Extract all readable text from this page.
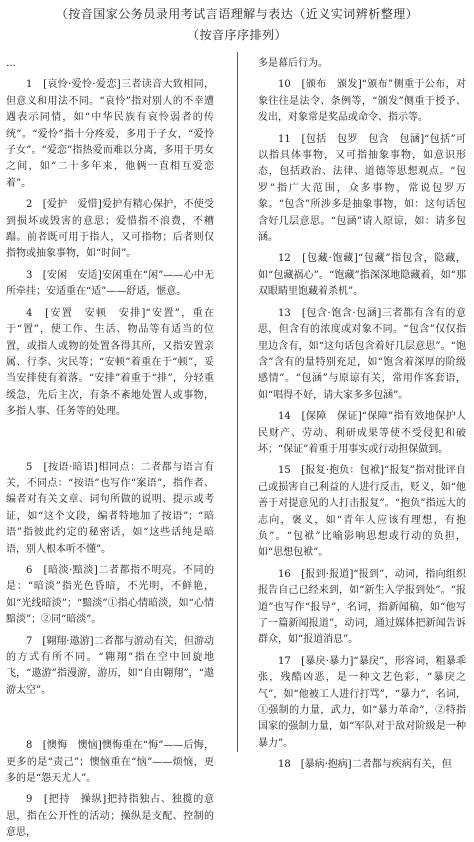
（按音国家公务员录用考试言语理解与表达（近义实词辨析整理）
（按音序序排列）

…

1　[哀怜·爱怜·爱恋]三者读音大致相同，但意义和用法不同。“哀怜”指对别人的不幸遭遇表示同情，如“中华民族有哀怜弱者的传统”。“爱怜”指十分疼爱，多用于子女，“爱怜子女”。“爱恋”指热爱而难以分离，多用于男女之间，如“二十多年来，他俩一直相互爱恋着”。

2　[爱护　爱惜]爱护有精心保护，不使受到损坏或毁害的意思；爱惜指不浪费，不糟蹋。前者既可用于指人，又可指物；后者则仅指物或抽象事物，如“时间”。

3　[安闲　安适]安闲重在“闲”——心中无所牵挂；安适重在“适”——舒适，惬意。

4　[安置　安顿　安排]“安置”，重在于“置”，使工作、生活、物品等有适当的位置，或指人或物的处置各得其所，又指安置亲属、行李、灾民等；“安顿”着重在于“顿”，妥当安排使有着落。“安排”着重于“排”，分轻重缓急，先后主次，有条不紊地处置人或事物，多指人事、任务等的处理。

5　[按语·暗语]相同点：二者都与语言有关，不同点：“按语”也写作“案语”，指作者、编者对有关文章、词句所做的说明、提示或考证，如“这个文段，编者特地加了按语”；“暗语”指彼此约定的秘密话，如“这些话纯是暗语，别人根本听不懂”。

6　[暗淡·黯淡]二者都指不明亮。不同的是：“暗淡”指光色昏暗，不光明，不鲜艳，如“光线暗淡”；“黯淡”①指心情暗淡，如“心情黯淡”；②同“暗淡”。

7　[翱翔·遨游]二者都与游动有关，但游动的方式有所不同。“翱翔”指在空中回旋地飞，“遨游”指漫游，游历，如“自由翱翔”，“遨游太空”。

8　[懊悔　懊恼]懊悔重在“悔”——后悔，更多的是“责己”；懊恼重在“恼”——烦恼，更多的是“怨天尤人”。

9　[把持　操纵]把持指独占、独揽的意思，指在公开性的活动；操纵是支配、控制的意思，

多是幕后行为。

10　[颁布　颁发]“颁布”侧重于公布，对象往往是法令、条例等，“颁发”侧重于授予、发出，对象常是奖品或命令、指示等。

11　[包括　包罗　包含　包涵]“包括”可以指具体事物，又可指抽象事物，如意识形态，包括政治、法律、道德等思想观点。“包罗”指广大范围，众多事物，常说包罗万象。“包含”所涉多是抽象事物，如：这句话包含好几层意思。“包涵”请人原谅，如：请多包涵。

12　[包藏·饱藏]“包藏”指包含，隐藏，如“包藏祸心”。“饱藏”指深深地隐藏着，如“那双眼睛里饱藏着杀机”。

13　[包含·饱含·包涵]三者都有含有的意思，但含有的浓度或对象不同。“包含”仅仅指里边含有，如“这句话包含着好几层意思”。“饱含”含有的量特别充足，如“饱含着深厚的阶级感情”。“包涵”与原谅有关，常用作客套语，如“唱得不好，请大家多多包涵”。

14　[保障　保证]“保障”指有效地保护人民财产、劳动、利研成果等使不受侵犯和破坏；“保证”着重于用事实或行动担保做到。

15　[报复·抱负：包袱]“报复”指对批评自己或损害自己利益的人进行反击，贬义，如“他善于对提意见的人打击报复”。“抱负”指远大的志向，褒义，如“青年人应该有理想，有抱负”。“包袱”比喻影响思想或行动的负担，如“思想包袱”。

16　[报到·报道]“报到”，动词，指向组织报告自己已经来到，如“新生入学报到处”。“报道”也写作“报导”，名词，指新闻稿，如“他写了一篇新闻报道”，动词，通过媒体把新闻告诉群众，如“报道消息”。

17　[暴戾·暴力]“暴戾”，形容词，粗暴乖张，残酷凶恶，是一种文艺色彩，“暴戾之气”，如“他被工人进行打骂”，“暴力”，名词，①强制的力量，武力，如“暴力革命”，②特指国家的强制力量，如“军队对于敌对阶级是一种暴力”。

18　[暴病·抱病]二者都与疾病有关，但
